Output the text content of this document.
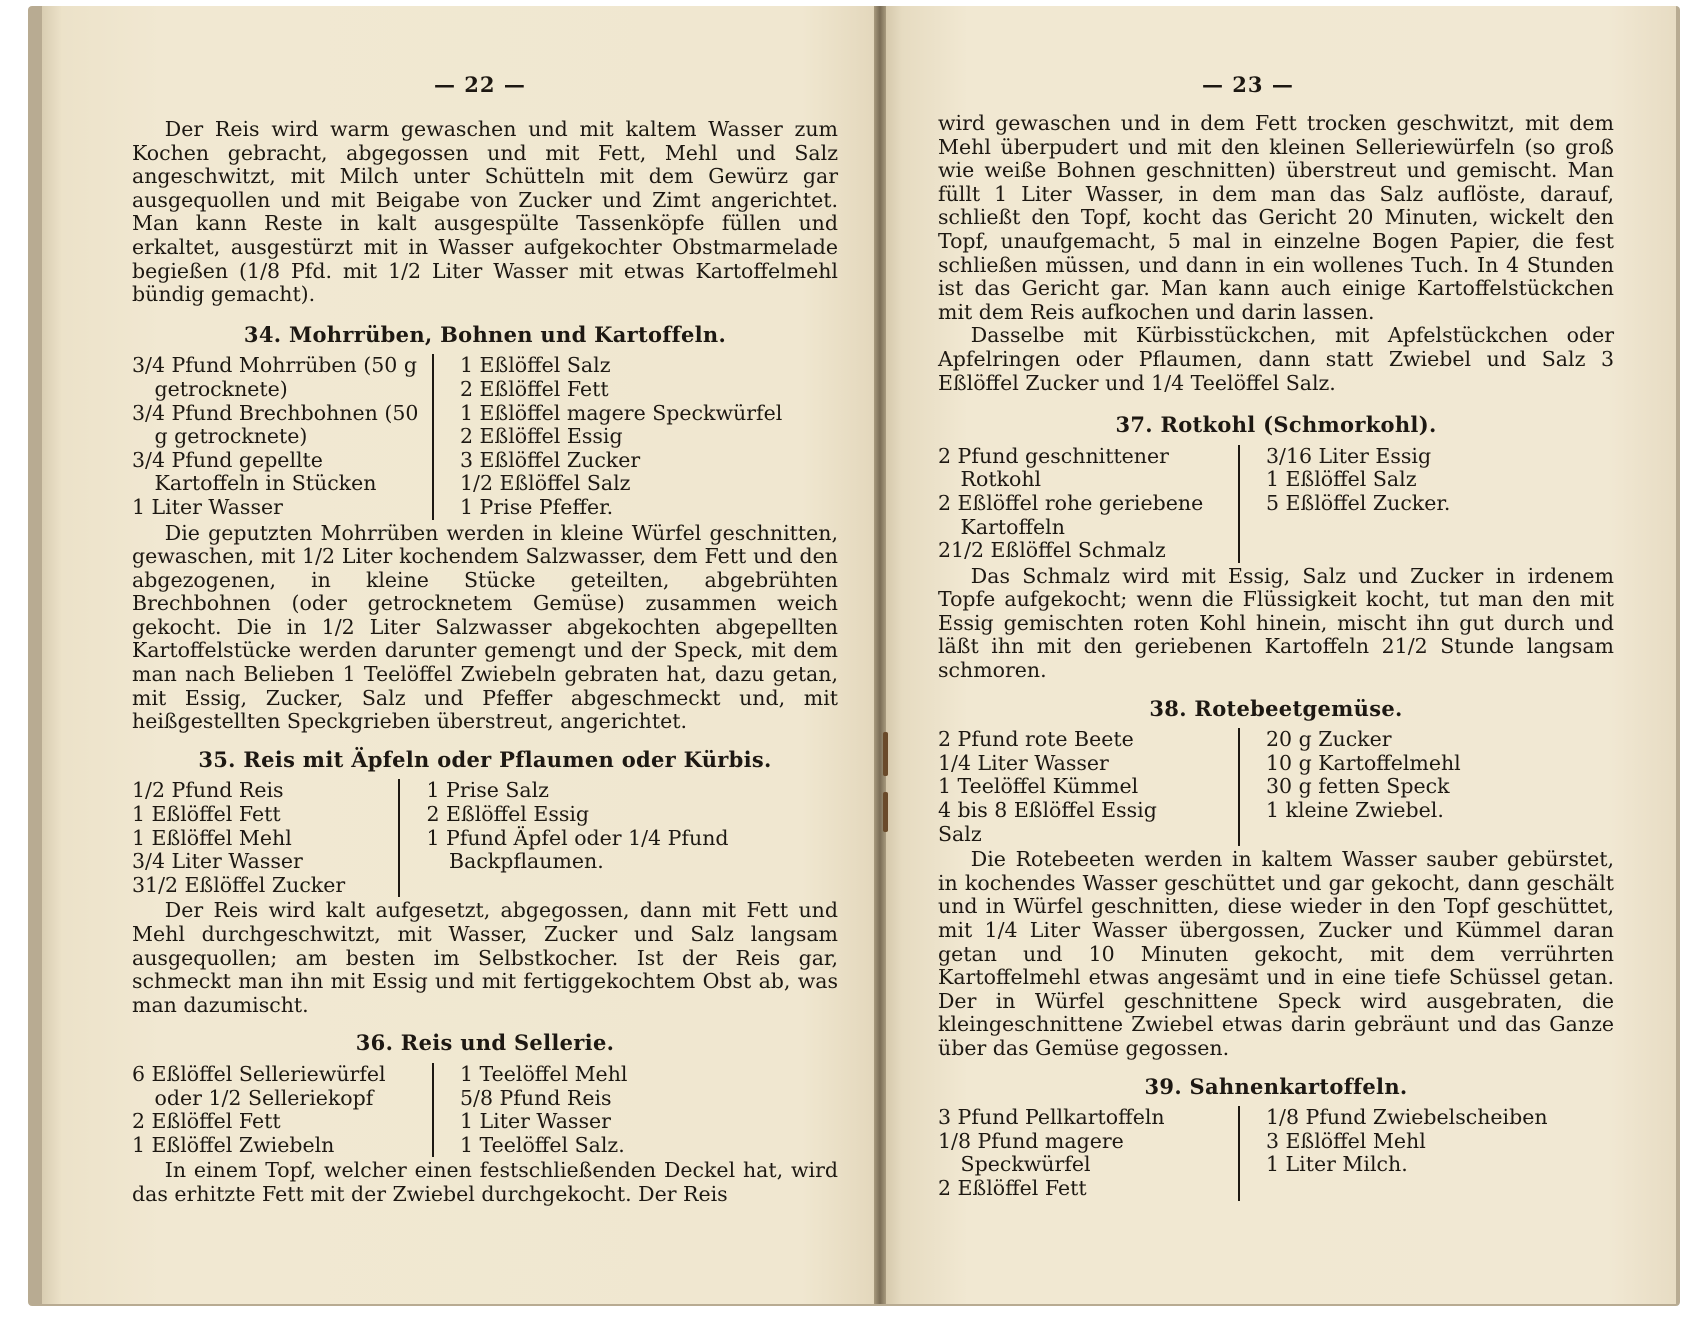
— 22 —

Der Reis wird warm gewaschen und mit kaltem Wasser zum Kochen gebracht, abgegossen und mit Fett, Mehl und Salz angeschwitzt, mit Milch unter Schütteln mit dem Gewürz gar ausgequollen und mit Beigabe von Zucker und Zimt angerichtet. Man kann Reste in kalt ausgespülte Tassenköpfe füllen und erkaltet, ausgestürzt mit in Wasser aufgekochter Obstmarmelade begießen (1/8 Pfd. mit 1/2 Liter Wasser mit etwas Kartoffelmehl bündig gemacht).

34. Mohrrüben, Bohnen und Kartoffeln.
3/4 Pfund Mohrrüben (50 g getrocknete)
3/4 Pfund Brechbohnen (50 g getrocknete)
3/4 Pfund gepellte Kartoffeln in Stücken
1 Liter Wasser
1 Eßlöffel Salz
2 Eßlöffel Fett
1 Eßlöffel magere Speckwürfel
2 Eßlöffel Essig
3 Eßlöffel Zucker
1/2 Eßlöffel Salz
1 Prise Pfeffer.

Die geputzten Mohrrüben werden in kleine Würfel geschnitten, gewaschen, mit 1/2 Liter kochendem Salzwasser, dem Fett und den abgezogenen, in kleine Stücke geteilten, abgebrühten Brechbohnen (oder getrocknetem Gemüse) zusammen weich gekocht. Die in 1/2 Liter Salzwasser abgekochten abgepellten Kartoffelstücke werden darunter gemengt und der Speck, mit dem man nach Belieben 1 Teelöffel Zwiebeln gebraten hat, dazu getan, mit Essig, Zucker, Salz und Pfeffer abgeschmeckt und, mit heißgestellten Speckgrieben überstreut, angerichtet.

35. Reis mit Äpfeln oder Pflaumen oder Kürbis.
1/2 Pfund Reis
1 Eßlöffel Fett
1 Eßlöffel Mehl
3/4 Liter Wasser
31/2 Eßlöffel Zucker
1 Prise Salz
2 Eßlöffel Essig
1 Pfund Äpfel oder 1/4 Pfund Backpflaumen.

Der Reis wird kalt aufgesetzt, abgegossen, dann mit Fett und Mehl durchgeschwitzt, mit Wasser, Zucker und Salz langsam ausgequollen; am besten im Selbstkocher. Ist der Reis gar, schmeckt man ihn mit Essig und mit fertiggekochtem Obst ab, was man dazumischt.

36. Reis und Sellerie.
6 Eßlöffel Selleriewürfel oder 1/2 Selleriekopf
2 Eßlöffel Fett
1 Eßlöffel Zwiebeln
1 Teelöffel Mehl
5/8 Pfund Reis
1 Liter Wasser
1 Teelöffel Salz.

In einem Topf, welcher einen festschließenden Deckel hat, wird das erhitzte Fett mit der Zwiebel durchgekocht. Der Reis

— 23 —

wird gewaschen und in dem Fett trocken geschwitzt, mit dem Mehl überpudert und mit den kleinen Selleriewürfeln (so groß wie weiße Bohnen geschnitten) überstreut und gemischt. Man füllt 1 Liter Wasser, in dem man das Salz auflöste, darauf, schließt den Topf, kocht das Gericht 20 Minuten, wickelt den Topf, unaufgemacht, 5 mal in einzelne Bogen Papier, die fest schließen müssen, und dann in ein wollenes Tuch. In 4 Stunden ist das Gericht gar. Man kann auch einige Kartoffelstückchen mit dem Reis aufkochen und darin lassen.

Dasselbe mit Kürbisstückchen, mit Apfelstückchen oder Apfelringen oder Pflaumen, dann statt Zwiebel und Salz 3 Eßlöffel Zucker und 1/4 Teelöffel Salz.

37. Rotkohl (Schmorkohl).
2 Pfund geschnittener Rotkohl
2 Eßlöffel rohe geriebene Kartoffeln
21/2 Eßlöffel Schmalz
3/16 Liter Essig
1 Eßlöffel Salz
5 Eßlöffel Zucker.

Das Schmalz wird mit Essig, Salz und Zucker in irdenem Topfe aufgekocht; wenn die Flüssigkeit kocht, tut man den mit Essig gemischten roten Kohl hinein, mischt ihn gut durch und läßt ihn mit den geriebenen Kartoffeln 21/2 Stunde langsam schmoren.

38. Rotebeetgemüse.
2 Pfund rote Beete
1/4 Liter Wasser
1 Teelöffel Kümmel
4 bis 8 Eßlöffel Essig
Salz
20 g Zucker
10 g Kartoffelmehl
30 g fetten Speck
1 kleine Zwiebel.

Die Rotebeeten werden in kaltem Wasser sauber gebürstet, in kochendes Wasser geschüttet und gar gekocht, dann geschält und in Würfel geschnitten, diese wieder in den Topf geschüttet, mit 1/4 Liter Wasser übergossen, Zucker und Kümmel daran getan und 10 Minuten gekocht, mit dem verrührten Kartoffelmehl etwas angesämt und in eine tiefe Schüssel getan. Der in Würfel geschnittene Speck wird ausgebraten, die kleingeschnittene Zwiebel etwas darin gebräunt und das Ganze über das Gemüse gegossen.

39. Sahnenkartoffeln.
3 Pfund Pellkartoffeln
1/8 Pfund magere Speckwürfel
2 Eßlöffel Fett
1/8 Pfund Zwiebelscheiben
3 Eßlöffel Mehl
1 Liter Milch.
